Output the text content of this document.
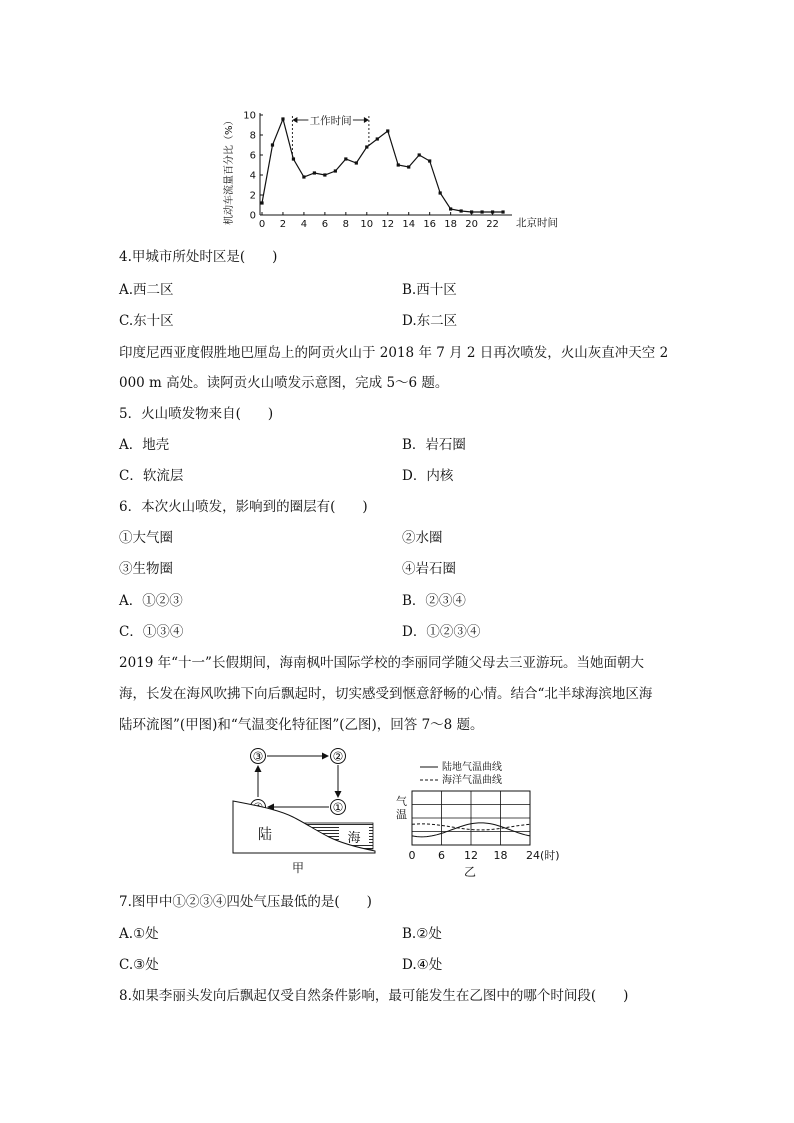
机动车流量百分比（%） 0
2
4
6
8
10
0 2 4 6 8 10 12 14 16 18 20 22
工作时间
北京时间
4.甲城市所处时区是(　　)
A.西二区	B.西十区
C.东十区	D.东二区
印度尼西亚度假胜地巴厘岛上的阿贡火山于 2018 年 7 月 2 日再次喷发，火山灰直冲天空 2
000 m 高处。读阿贡火山喷发示意图，完成 5～6 题。
5．火山喷发物来自(　　)
A．地壳	B．岩石圈
C．软流层	D．内核
6．本次火山喷发，影响到的圈层有(　　)
①大气圈	②水圈
③生物圈	④岩石圈
A．①②③	B．②③④
C．①③④	D．①②③④
2019 年“十一”长假期间，海南枫叶国际学校的李丽同学随父母去三亚游玩。当她面朝大
海，长发在海风吹拂下向后飘起时，切实感受到惬意舒畅的心情。结合“北半球海滨地区海
陆环流图”(甲图)和“气温变化特征图”(乙图)，回答 7～8 题。
③	②
①
海
陆
甲
陆地气温曲线
海洋气温曲线
气
温
0 6 12 18 24(时)
乙
7.图甲中①②③④四处气压最低的是(　　)
A.①处	B.②处
C.③处	D.④处
8.如果李丽头发向后飘起仅受自然条件影响，最可能发生在乙图中的哪个时间段(　　)
